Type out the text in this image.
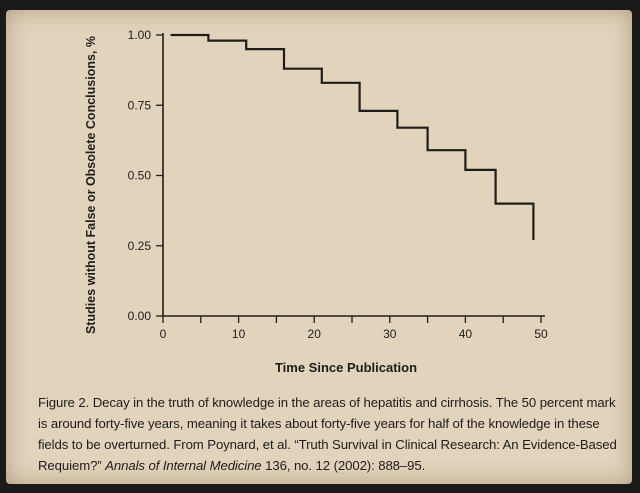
0	10	20	30	40	50
0.00
0.25
0.50
0.75
1.00
Time Since Publication
Studies without False or Obsolete Conclusions, %
Figure 2. Decay in the truth of knowledge in the areas of hepatitis and cirrhosis. The 50 percent mark is around forty-five years, meaning it takes about forty-five years for half of the knowledge in these fields to be overturned. From Poynard, et al. “Truth Survival in Clinical Research: An Evidence-Based Requiem?” Annals of Internal Medicine 136, no. 12 (2002): 888–95.
